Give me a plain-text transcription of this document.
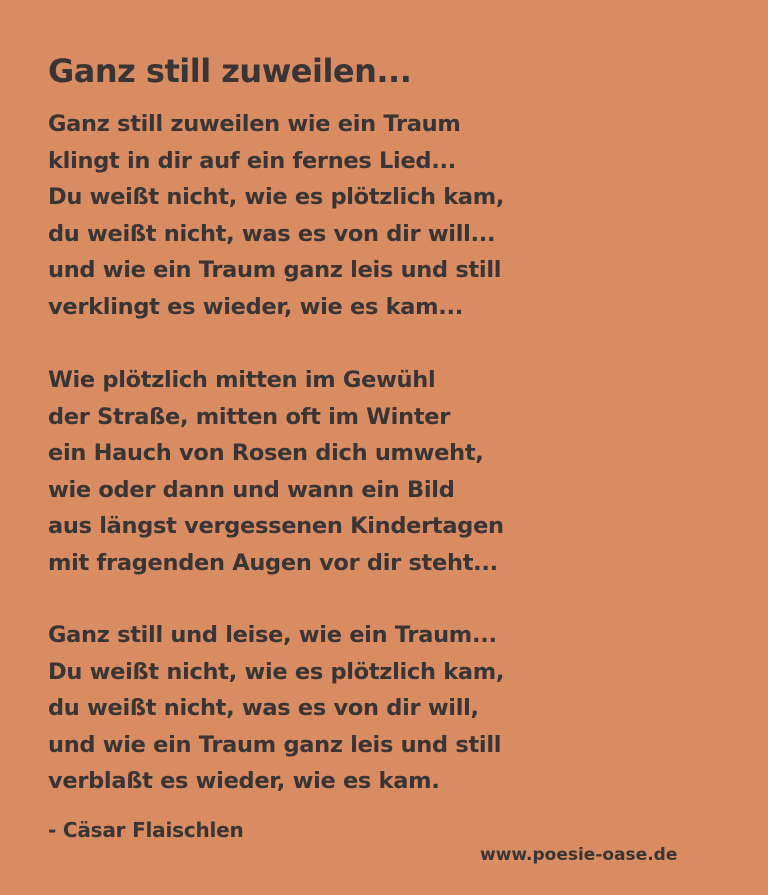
Ganz still zuweilen...
Ganz still zuweilen wie ein Traum
klingt in dir auf ein fernes Lied...
Du weißt nicht, wie es plötzlich kam,
du weißt nicht, was es von dir will...
und wie ein Traum ganz leis und still
verklingt es wieder, wie es kam...
Wie plötzlich mitten im Gewühl
der Straße, mitten oft im Winter
ein Hauch von Rosen dich umweht,
wie oder dann und wann ein Bild
aus längst vergessenen Kindertagen
mit fragenden Augen vor dir steht...
Ganz still und leise, wie ein Traum...
Du weißt nicht, wie es plötzlich kam,
du weißt nicht, was es von dir will,
und wie ein Traum ganz leis und still
verblaßt es wieder, wie es kam.
- Cäsar Flaischlen
www.poesie-oase.de
